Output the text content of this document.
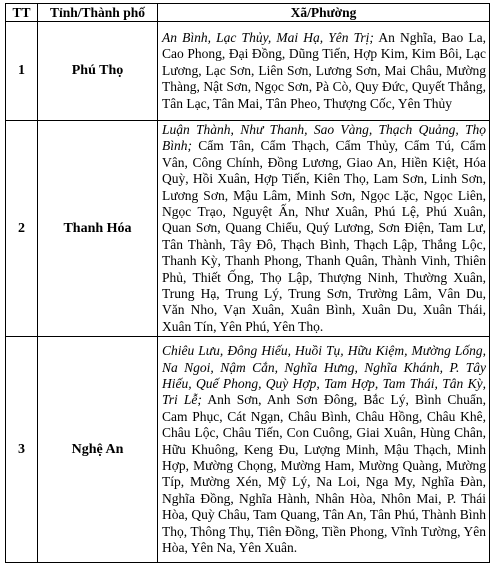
TT	Tỉnh/Thành phố	Xã/Phường
1	Phú Thọ	An Bình, Lạc Thủy, Mai Hạ, Yên Trị; An Nghĩa, Bao La, Cao Phong, Đại Đồng, Dũng Tiến, Hợp Kim, Kim Bôi, Lạc Lương, Lạc Sơn, Liên Sơn, Lương Sơn, Mai Châu, Mường Thàng, Nật Sơn, Ngọc Sơn, Pà Cò, Quy Đức, Quyết Thắng, Tân Lạc, Tân Mai, Tân Pheo, Thượng Cốc, Yên Thủy
2	Thanh Hóa	Luận Thành, Như Thanh, Sao Vàng, Thạch Quảng, Thọ Bình; Cẩm Tân, Cẩm Thạch, Cẩm Thủy, Cẩm Tú, Cẩm Vân, Công Chính, Đồng Lương, Giao An, Hiền Kiệt, Hóa Quỳ, Hồi Xuân, Hợp Tiến, Kiên Thọ, Lam Sơn, Linh Sơn, Lương Sơn, Mậu Lâm, Minh Sơn, Ngọc Lặc, Ngọc Liên, Ngọc Trạo, Nguyệt Ấn, Như Xuân, Phú Lệ, Phú Xuân, Quan Sơn, Quang Chiểu, Quý Lương, Sơn Điện, Tam Lư, Tân Thành, Tây Đô, Thạch Bình, Thạch Lập, Thắng Lộc, Thanh Kỳ, Thanh Phong, Thanh Quân, Thành Vinh, Thiên Phủ, Thiết Ống, Thọ Lập, Thượng Ninh, Thường Xuân, Trung Hạ, Trung Lý, Trung Sơn, Trường Lâm, Vân Du, Văn Nho, Vạn Xuân, Xuân Bình, Xuân Du, Xuân Thái, Xuân Tín, Yên Phú, Yên Thọ.
3	Nghệ An	Chiêu Lưu, Đông Hiếu, Huồi Tụ, Hữu Kiệm, Mường Lống, Na Ngoi, Nậm Cắn, Nghĩa Hưng, Nghĩa Khánh, P. Tây Hiếu, Quế Phong, Quỳ Hợp, Tam Hợp, Tam Thái, Tân Kỳ, Tri Lễ; Anh Sơn, Anh Sơn Đông, Bắc Lý, Bình Chuẩn, Cam Phục, Cát Ngạn, Châu Bình, Châu Hồng, Châu Khê, Châu Lộc, Châu Tiến, Con Cuông, Giai Xuân, Hùng Chân, Hữu Khuông, Keng Đu, Lượng Minh, Mậu Thạch, Minh Hợp, Mường Chọng, Mường Ham, Mường Quàng, Mường Típ, Mường Xén, Mỹ Lý, Na Loi, Nga My, Nghĩa Đàn, Nghĩa Đồng, Nghĩa Hành, Nhân Hòa, Nhôn Mai, P. Thái Hòa, Quỳ Châu, Tam Quang, Tân An, Tân Phú, Thành Bình Thọ, Thông Thụ, Tiên Đồng, Tiền Phong, Vĩnh Tường, Yên Hòa, Yên Na, Yên Xuân.
